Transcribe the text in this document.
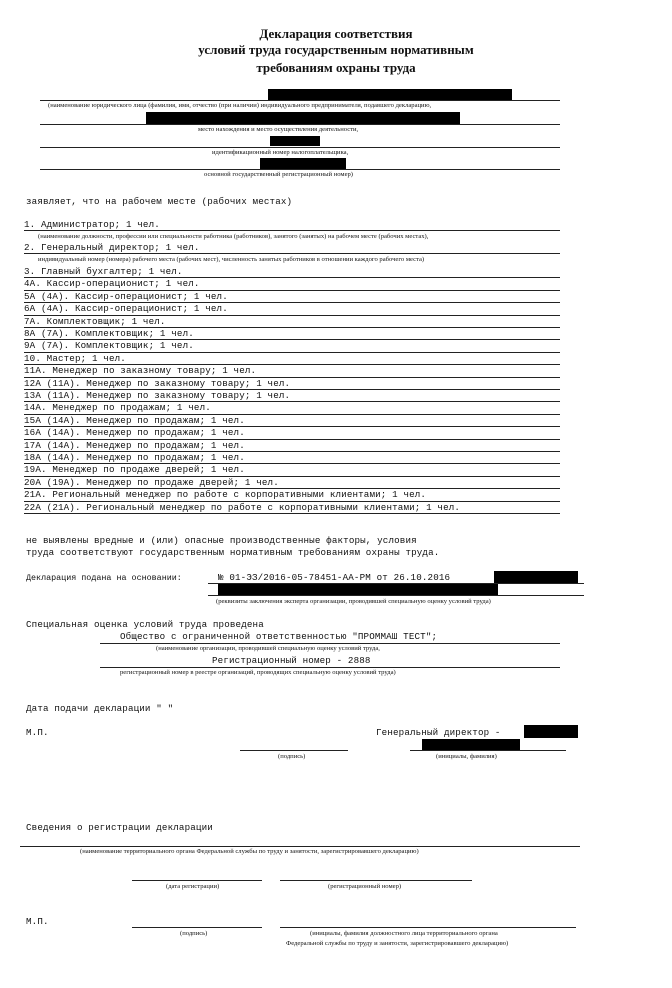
Декларация соответствия
условий труда государственным нормативным
требованиям охраны труда
(наименование юридического лица (фамилия, имя, отчество (при наличии) индивидуального предпринимателя, подавшего декларацию,
место нахождения и место осуществления деятельности,
идентификационный номер налогоплательщика,
основной государственный регистрационный номер)
заявляет, что на рабочем месте (рабочих местах)
1. Администратор; 1 чел.
(наименование должности, профессии или специальности работника (работников), занятого (занятых) на рабочем месте (рабочих местах),
2. Генеральный директор; 1 чел.
индивидуальный номер (номера) рабочего места (рабочих мест), численность занятых работников в отношении каждого рабочего места)
3. Главный бухгалтер; 1 чел.
4А. Кассир-операционист; 1 чел.
5А (4А). Кассир-операционист; 1 чел.
6А (4А). Кассир-операционист; 1 чел.
7А. Комплектовщик; 1 чел.
8А (7А). Комплектовщик; 1 чел.
9А (7А). Комплектовщик; 1 чел.
10. Мастер; 1 чел.
11А. Менеджер по заказному товару; 1 чел.
12А (11А). Менеджер по заказному товару; 1 чел.
13А (11А). Менеджер по заказному товару; 1 чел.
14А. Менеджер по продажам; 1 чел.
15А (14А). Менеджер по продажам; 1 чел.
16А (14А). Менеджер по продажам; 1 чел.
17А (14А). Менеджер по продажам; 1 чел.
18А (14А). Менеджер по продажам; 1 чел.
19А. Менеджер по продаже дверей; 1 чел.
20А (19А). Менеджер по продаже дверей; 1 чел.
21А. Региональный менеджер по работе с корпоративными клиентами; 1 чел.
22А (21А). Региональный менеджер по работе с корпоративными клиентами; 1 чел.
не выявлены вредные и (или) опасные производственные факторы, условия
труда соответствуют государственным нормативным требованиям охраны труда.
Декларация подана на основании:	№ 01-ЭЗ/2016-05-78451-АА-РМ от 26.10.2016
(реквизиты заключения эксперта организации, проводившей специальную оценку условий труда)
Специальная оценка условий труда проведена
Общество с ограниченной ответственностью "ПРОММАШ ТЕСТ";
(наименование организации, проводившей специальную оценку условий труда,
Регистрационный номер - 2888
регистрационный номер в реестре организаций, проводящих специальную оценку условий труда)
Дата подачи декларации " "
М.П.	Генеральный директор -
(подпись)	(инициалы, фамилия)
Сведения о регистрации декларации
(наименование территориального органа Федеральной службы по труду и занятости, зарегистрировавшего декларацию)
(дата регистрации)	(регистрационный номер)
М.П.
(подпись)	(инициалы, фамилия должностного лица территориального органа
Федеральной службы по труду и занятости, зарегистрировавшего декларацию)
